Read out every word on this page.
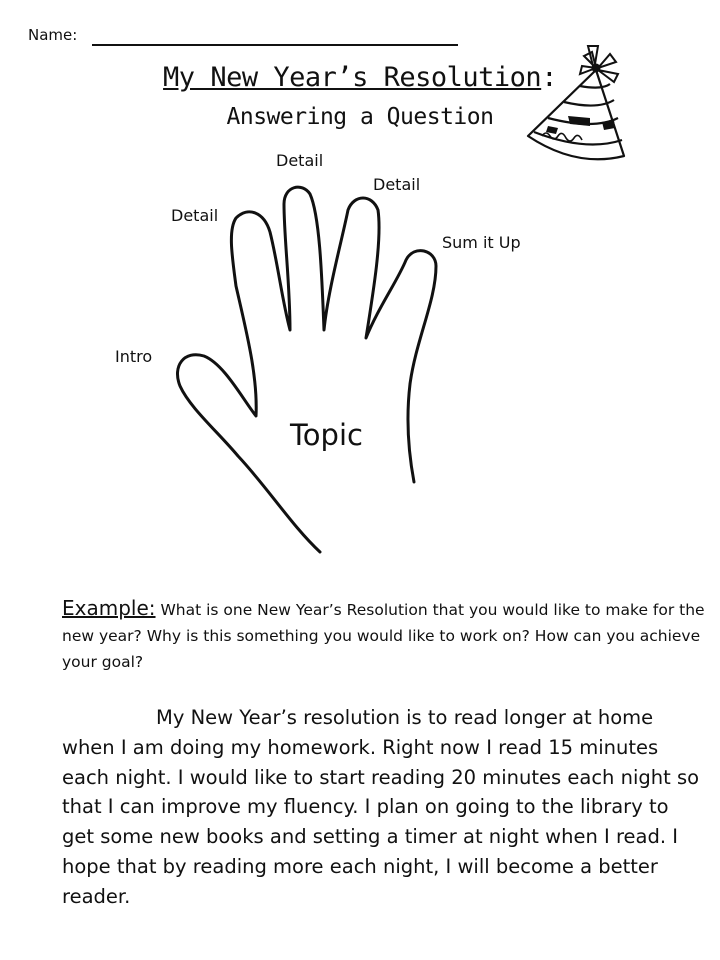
Name:
My New Year’s Resolution:
Answering a Question
Detail
Detail
Detail
Sum it Up
Intro
Topic
Example: What is one New Year’s Resolution that you would like to make for the new year? Why is this something you would like to work on? How can you achieve your goal?
My New Year’s resolution is to read longer at home when I am doing my homework. Right now I read 15 minutes each night. I would like to start reading 20 minutes each night so that I can improve my fluency. I plan on going to the library to get some new books and setting a timer at night when I read. I hope that by reading more each night, I will become a better reader.
